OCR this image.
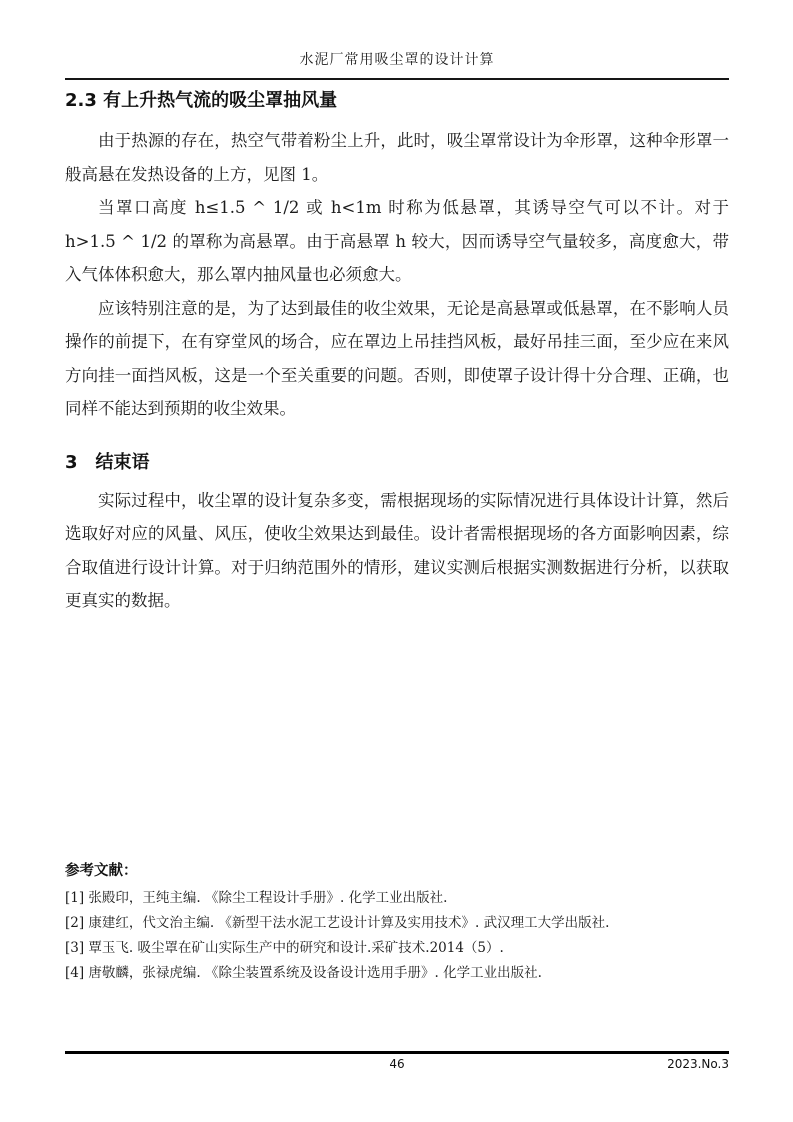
水泥厂常用吸尘罩的设计计算
2.3 有上升热气流的吸尘罩抽风量

由于热源的存在，热空气带着粉尘上升，此时，吸尘罩常设计为伞形罩，这种伞形罩一般高悬在发热设备的上方，见图 1。

当罩口高度 h≤1.5 ^ 1/2 或 h<1m 时称为低悬罩，其诱导空气可以不计。对于 h>1.5 ^ 1/2 的罩称为高悬罩。由于高悬罩 h 较大，因而诱导空气量较多，高度愈大，带入气体体积愈大，那么罩内抽风量也必须愈大。

应该特别注意的是，为了达到最佳的收尘效果，无论是高悬罩或低悬罩，在不影响人员操作的前提下，在有穿堂风的场合，应在罩边上吊挂挡风板，最好吊挂三面，至少应在来风方向挂一面挡风板，这是一个至关重要的问题。否则，即使罩子设计得十分合理、正确，也同样不能达到预期的收尘效果。

3　结束语

实际过程中，收尘罩的设计复杂多变，需根据现场的实际情况进行具体设计计算，然后选取好对应的风量、风压，使收尘效果达到最佳。设计者需根据现场的各方面影响因素，综合取值进行设计计算。对于归纳范围外的情形，建议实测后根据实测数据进行分析，以获取更真实的数据。

参考文献：
[1] 张殿印，王纯主编. 《除尘工程设计手册》. 化学工业出版社.
[2] 康建红，代文治主编. 《新型干法水泥工艺设计计算及实用技术》. 武汉理工大学出版社.
[3] 覃玉飞. 吸尘罩在矿山实际生产中的研究和设计.采矿技术.2014（5）.
[4] 唐敬麟，张禄虎编. 《除尘装置系统及设备设计选用手册》. 化学工业出版社.
46	2023.No.3
